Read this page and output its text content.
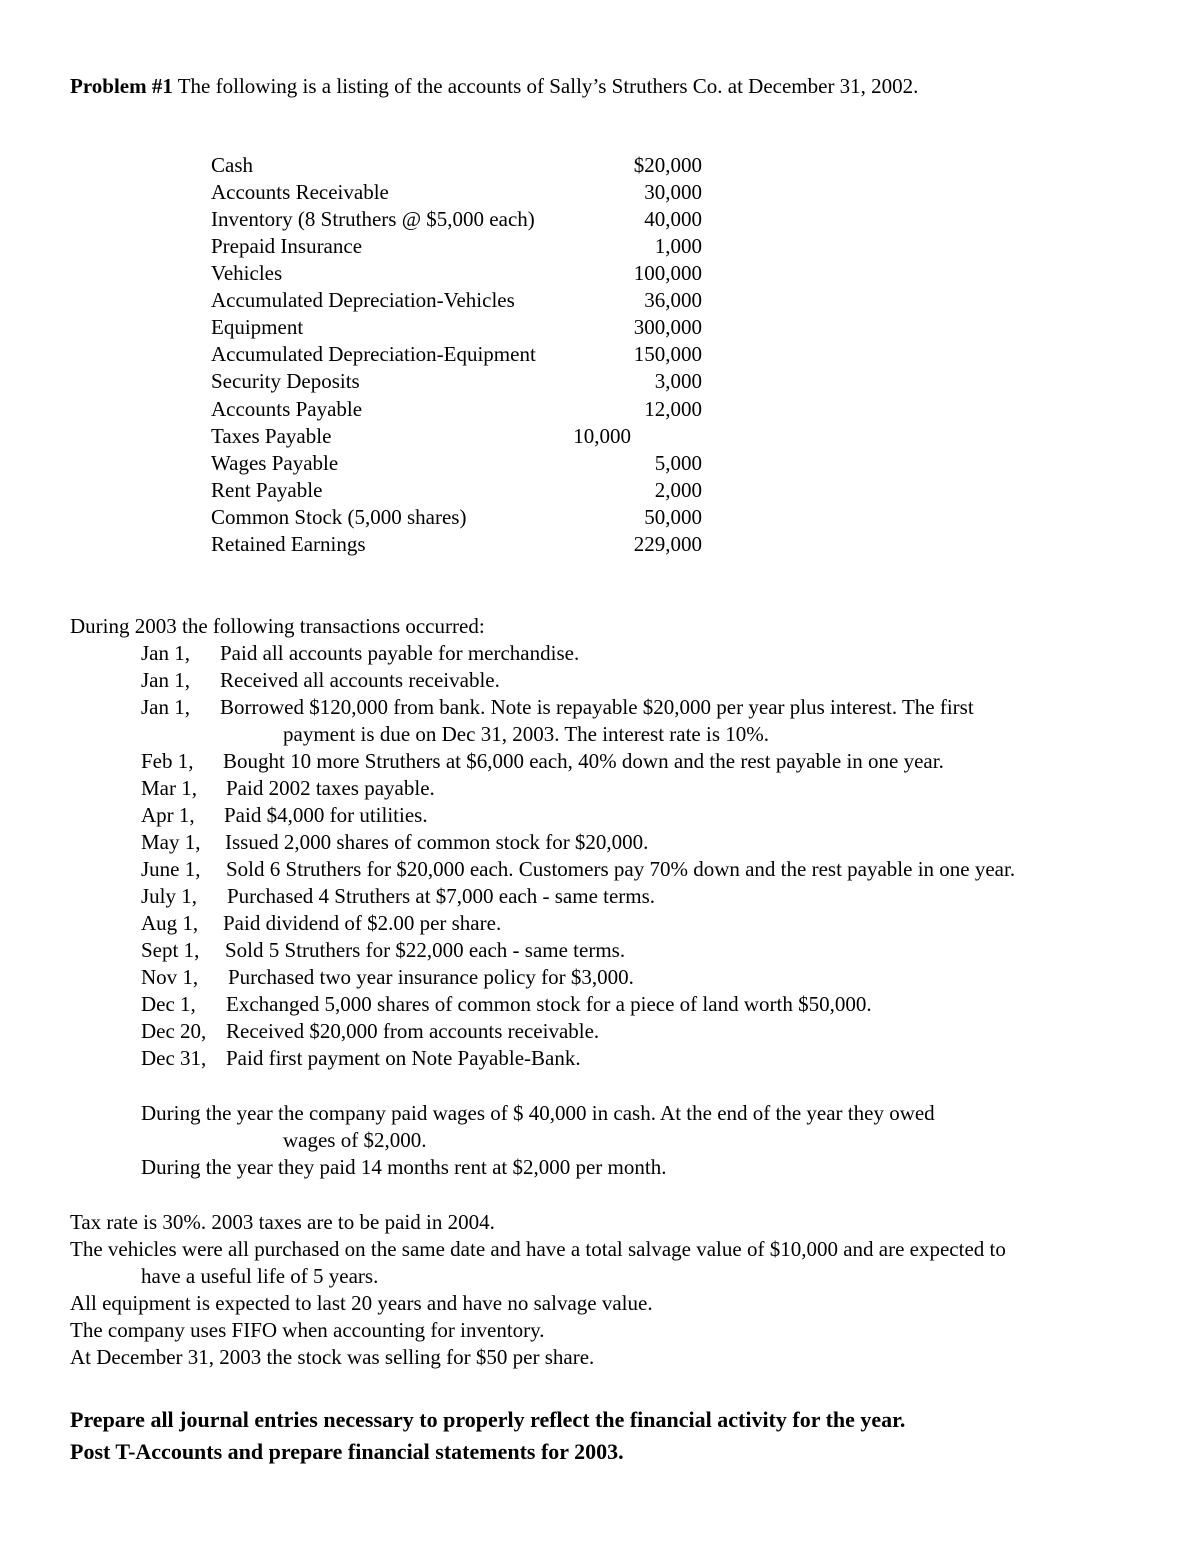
Problem #1 The following is a listing of the accounts of Sally’s Struthers Co. at December 31, 2002.
Cash	$20,000
Accounts Receivable	30,000
Inventory (8 Struthers @ $5,000 each)	40,000
Prepaid Insurance	1,000
Vehicles	100,000
Accumulated Depreciation-Vehicles	36,000
Equipment	300,000
Accumulated Depreciation-Equipment	150,000
Security Deposits	3,000
Accounts Payable	12,000
Taxes Payable	10,000
Wages Payable	5,000
Rent Payable	2,000
Common Stock (5,000 shares)	50,000
Retained Earnings	229,000
During 2003 the following transactions occurred:
Jan 1, Paid all accounts payable for merchandise.
Jan 1, Received all accounts receivable.
Jan 1, Borrowed $120,000 from bank. Note is repayable $20,000 per year plus interest. The first
payment is due on Dec 31, 2003. The interest rate is 10%.
Feb 1, Bought 10 more Struthers at $6,000 each, 40% down and the rest payable in one year.
Mar 1, Paid 2002 taxes payable.
Apr 1, Paid $4,000 for utilities.
May 1, Issued 2,000 shares of common stock for $20,000.
June 1, Sold 6 Struthers for $20,000 each. Customers pay 70% down and the rest payable in one year.
July 1, Purchased 4 Struthers at $7,000 each - same terms.
Aug 1, Paid dividend of $2.00 per share.
Sept 1, Sold 5 Struthers for $22,000 each - same terms.
Nov 1, Purchased two year insurance policy for $3,000.
Dec 1, Exchanged 5,000 shares of common stock for a piece of land worth $50,000.
Dec 20, Received $20,000 from accounts receivable.
Dec 31, Paid first payment on Note Payable-Bank.
During the year the company paid wages of $ 40,000 in cash. At the end of the year they owed
wages of $2,000.
During the year they paid 14 months rent at $2,000 per month.
Tax rate is 30%. 2003 taxes are to be paid in 2004.
The vehicles were all purchased on the same date and have a total salvage value of $10,000 and are expected to
have a useful life of 5 years.
All equipment is expected to last 20 years and have no salvage value.
The company uses FIFO when accounting for inventory.
At December 31, 2003 the stock was selling for $50 per share.
Prepare all journal entries necessary to properly reflect the financial activity for the year.
Post T-Accounts and prepare financial statements for 2003.
